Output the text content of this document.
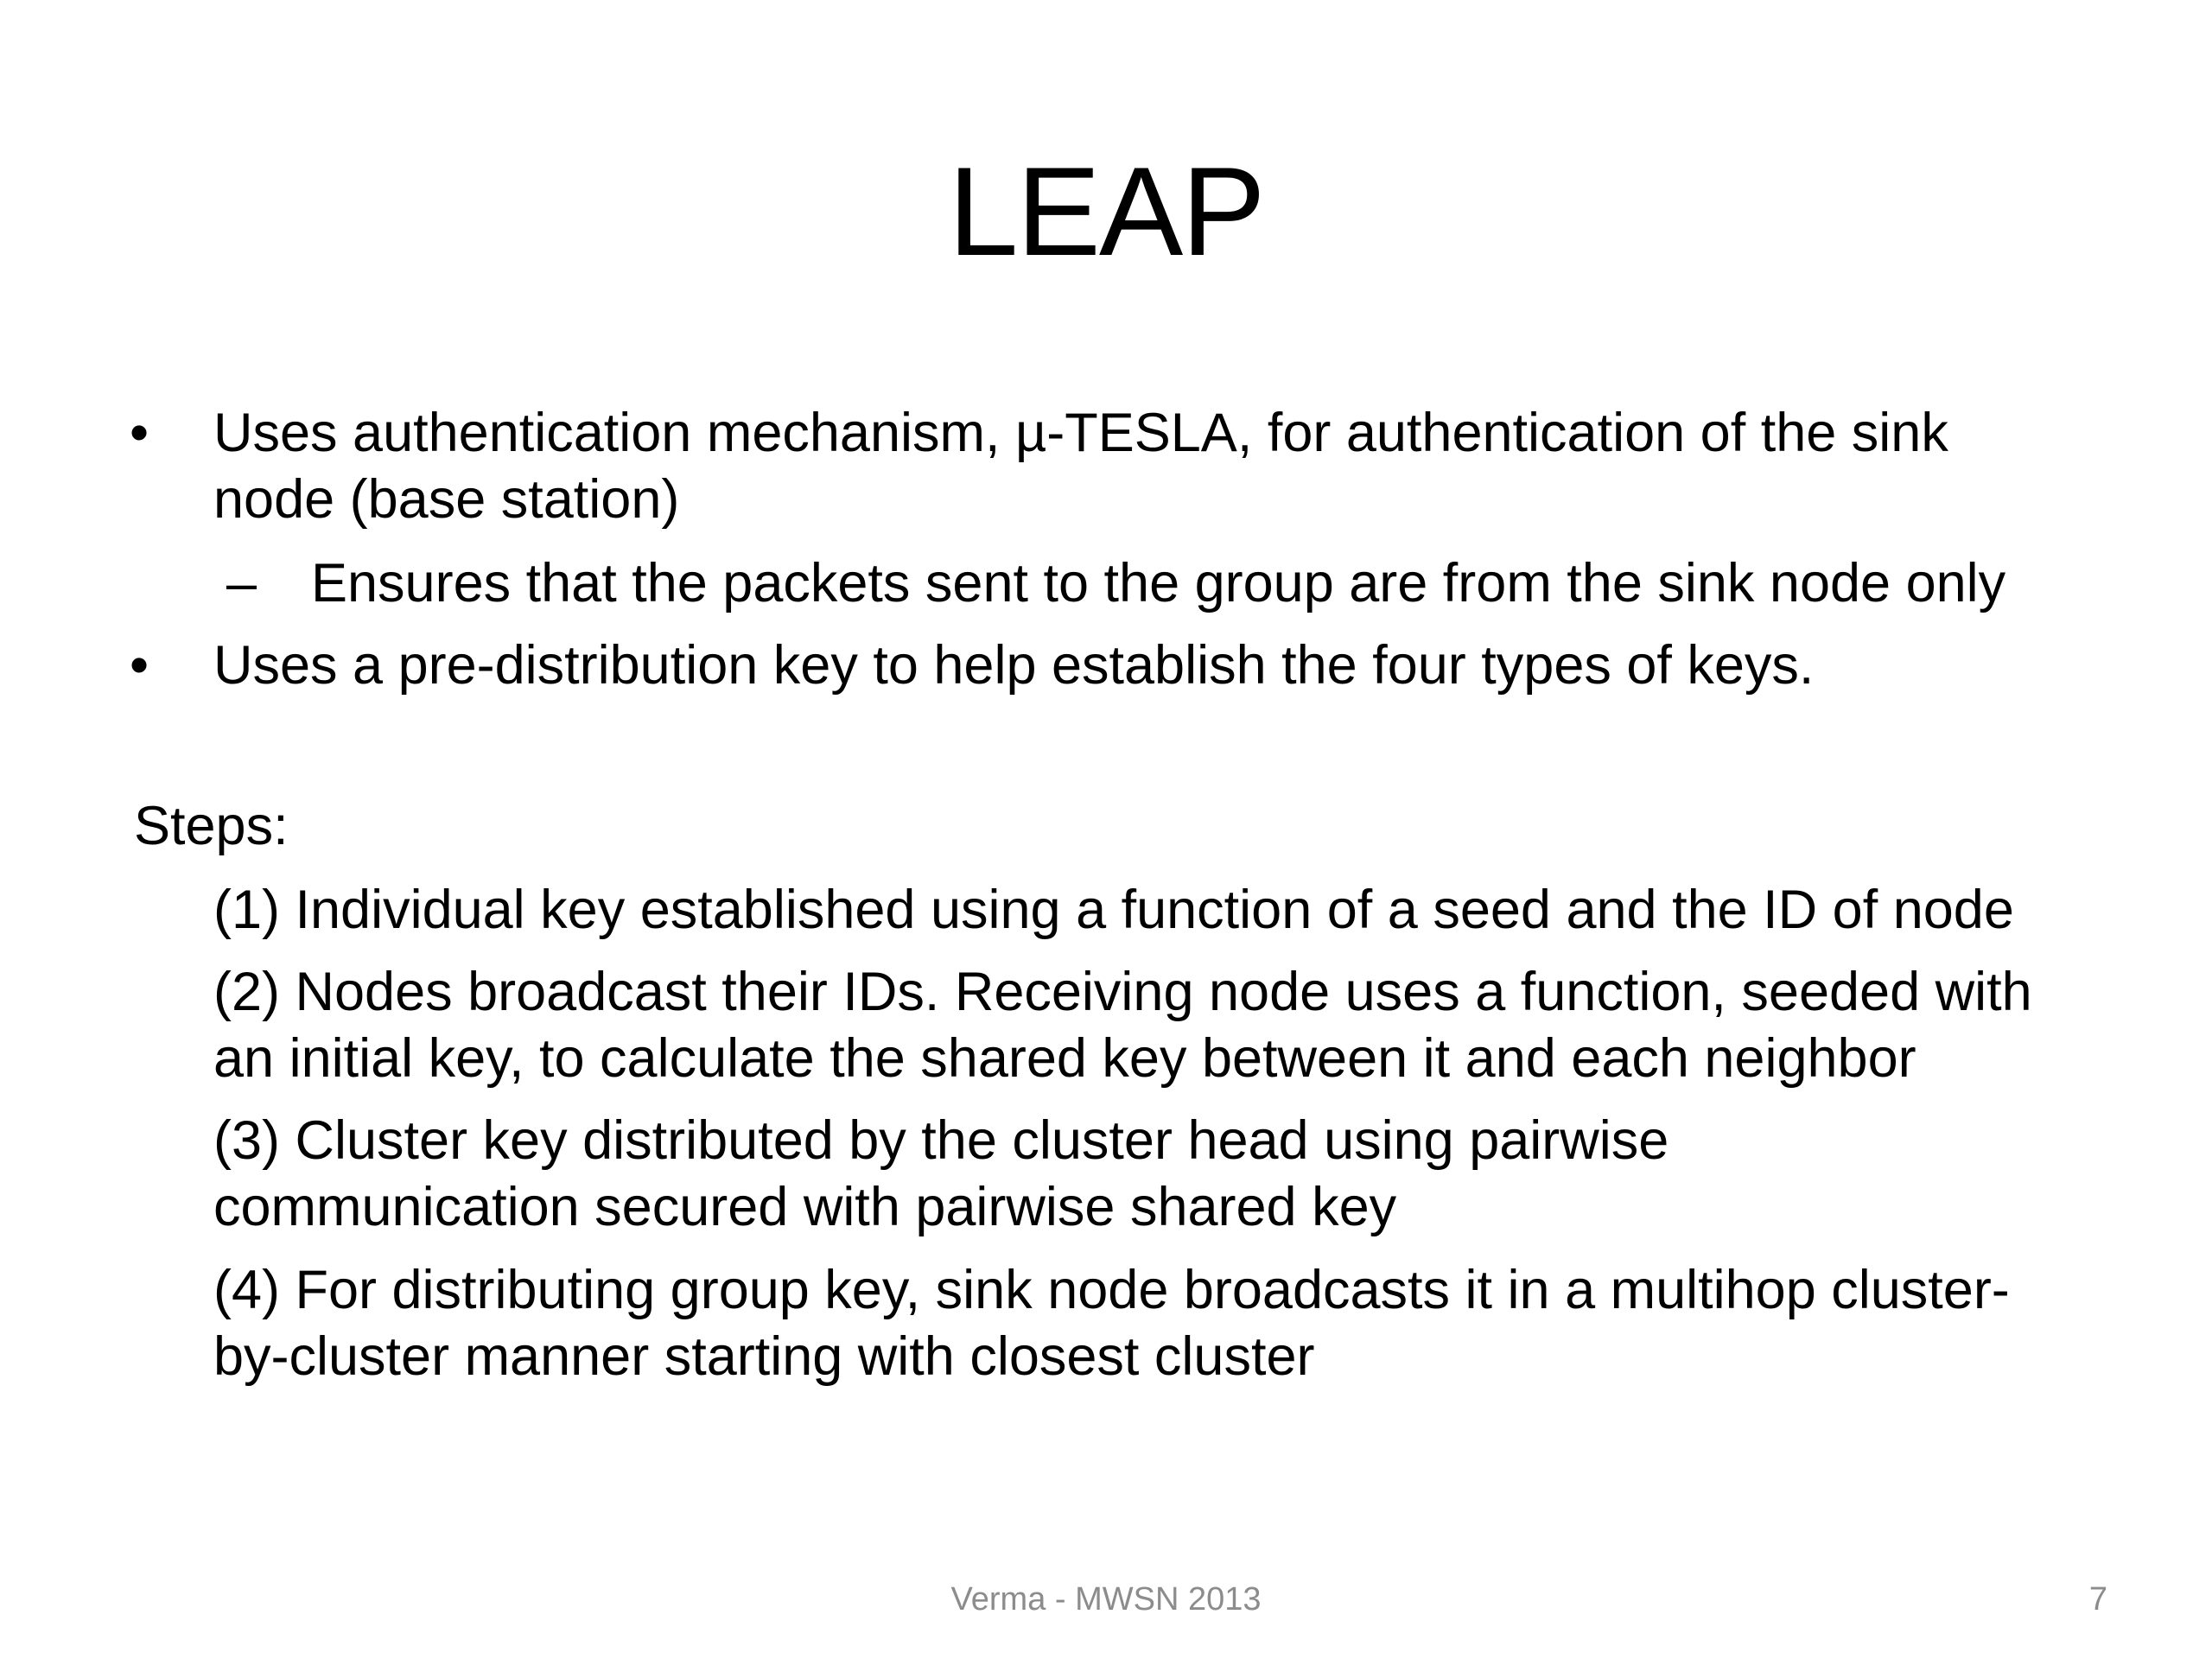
LEAP
• Uses authentication mechanism, µ-TESLA, for authentication of the sink
node (base station)
– Ensures that the packets sent to the group are from the sink node only
• Uses a pre-distribution key to help establish the four types of keys.
Steps:
(1) Individual key established using a function of a seed and the ID of node
(2) Nodes broadcast their IDs. Receiving node uses a function, seeded with
an initial key, to calculate the shared key between it and each neighbor
(3) Cluster key distributed by the cluster head using pairwise
communication secured with pairwise shared key
(4) For distributing group key, sink node broadcasts it in a multihop cluster-
by-cluster manner starting with closest cluster
Verma - MWSN 2013	7
